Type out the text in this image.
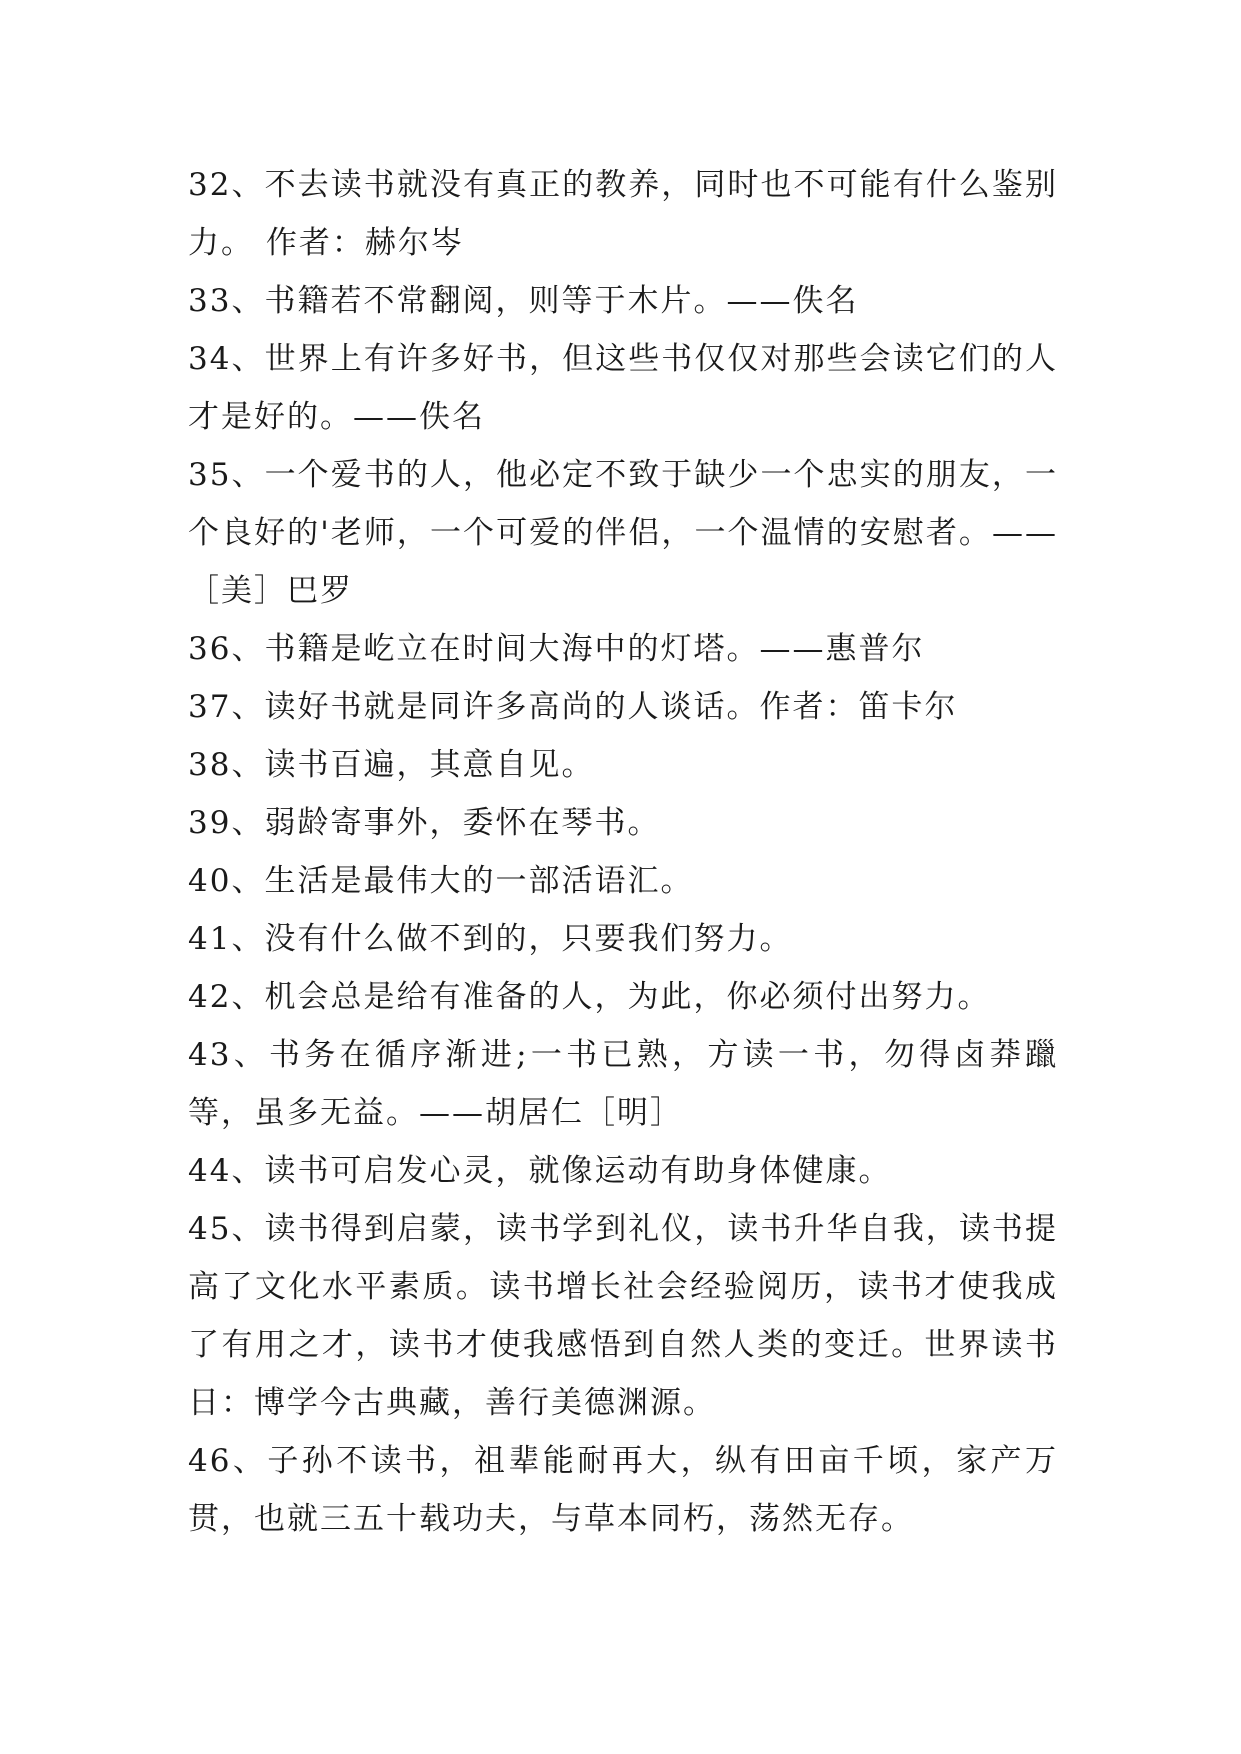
32、不去读书就没有真正的教养，同时也不可能有什么鉴别力。 作者：赫尔岑

33、书籍若不常翻阅，则等于木片。——佚名

34、世界上有许多好书，但这些书仅仅对那些会读它们的人才是好的。——佚名

35、一个爱书的人，他必定不致于缺少一个忠实的朋友，一个良好的'老师，一个可爱的伴侣，一个温情的安慰者。——［美］巴罗

36、书籍是屹立在时间大海中的灯塔。——惠普尔

37、读好书就是同许多高尚的人谈话。作者：笛卡尔

38、读书百遍，其意自见。

39、弱龄寄事外，委怀在琴书。

40、生活是最伟大的一部活语汇。

41、没有什么做不到的，只要我们努力。

42、机会总是给有准备的人，为此，你必须付出努力。

43、书务在循序渐进;一书已熟，方读一书，勿得卤莽躐等，虽多无益。——胡居仁［明］

44、读书可启发心灵，就像运动有助身体健康。

45、读书得到启蒙，读书学到礼仪，读书升华自我，读书提高了文化水平素质。读书增长社会经验阅历，读书才使我成了有用之才，读书才使我感悟到自然人类的变迁。世界读书日：博学今古典藏，善行美德渊源。

46、子孙不读书，祖辈能耐再大，纵有田亩千顷，家产万贯，也就三五十载功夫，与草本同朽，荡然无存。
